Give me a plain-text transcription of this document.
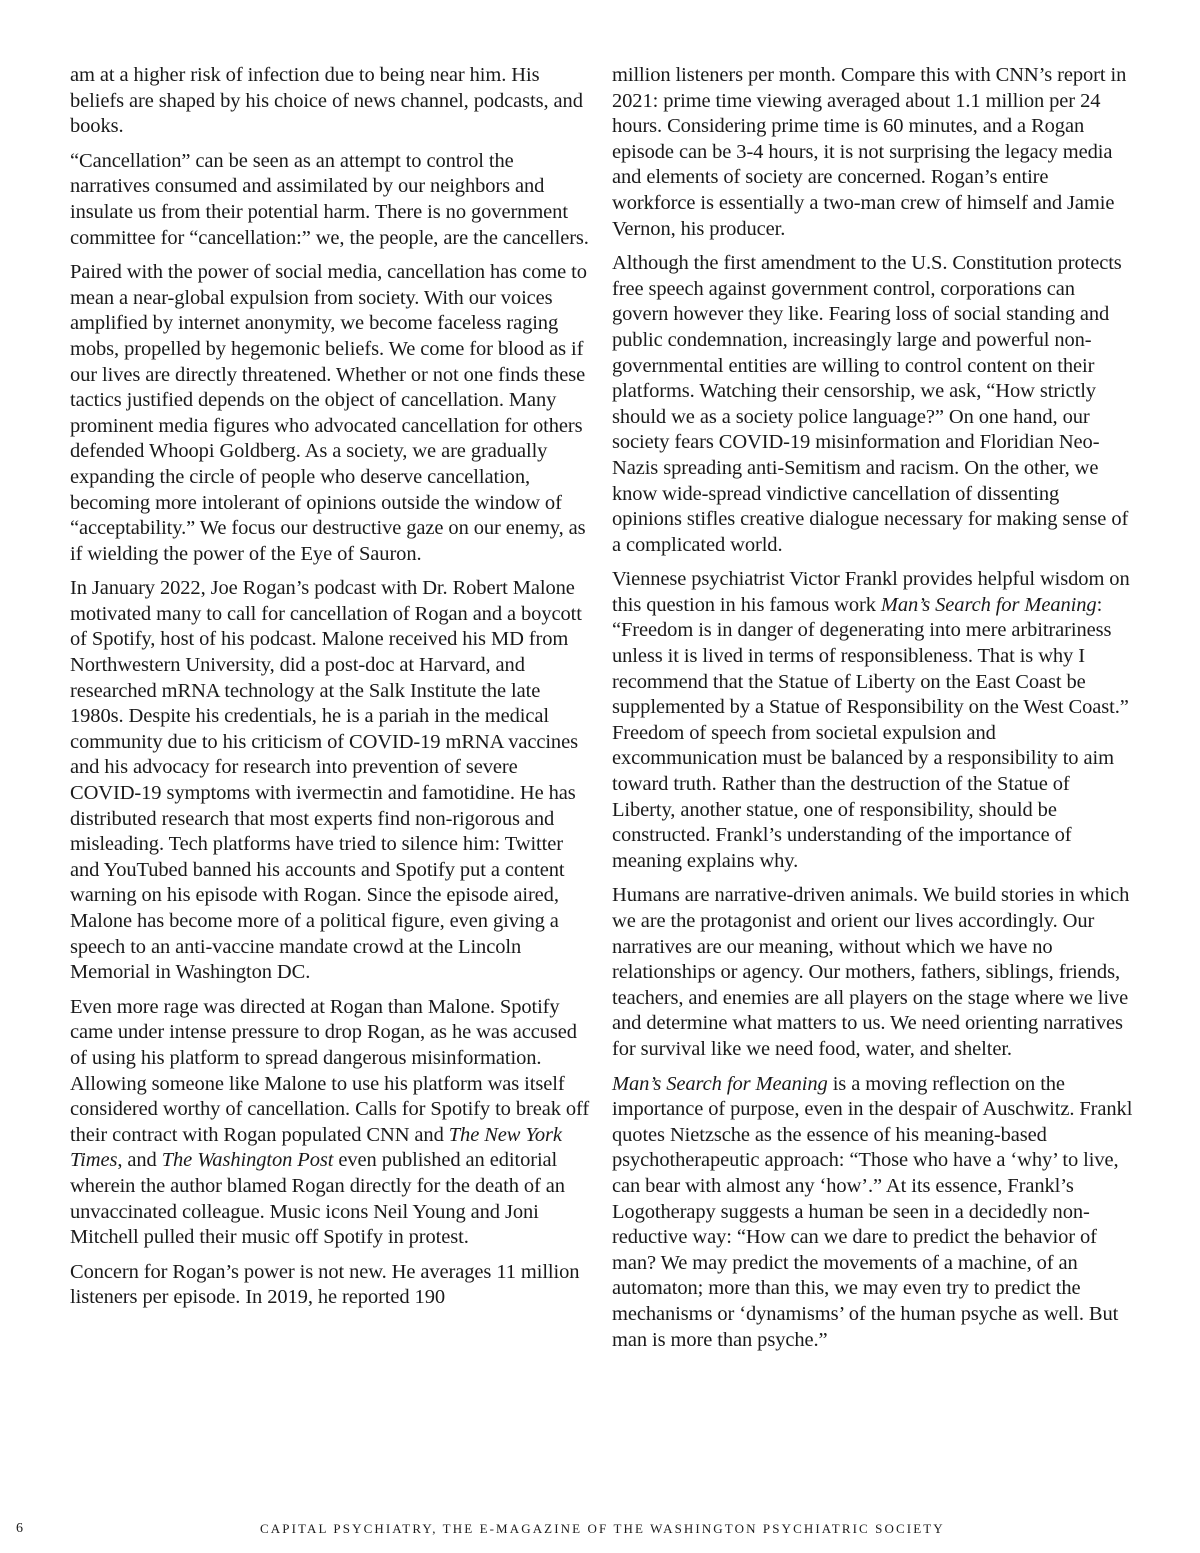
am at a higher risk of infection due to being near him. His beliefs are shaped by his choice of news channel, podcasts, and books.

“Cancellation” can be seen as an attempt to control the narratives consumed and assimilated by our neighbors and insulate us from their potential harm. There is no government committee for “cancellation:” we, the people, are the cancellers.

Paired with the power of social media, cancellation has come to mean a near-global expulsion from society. With our voices amplified by internet anonymity, we become faceless raging mobs, propelled by hegemonic beliefs. We come for blood as if our lives are directly threatened. Whether or not one finds these tactics justified depends on the object of cancellation. Many prominent media figures who advocated cancellation for others defended Whoopi Goldberg. As a society, we are gradually expanding the circle of people who deserve cancellation, becoming more intolerant of opinions outside the window of “acceptability.” We focus our destructive gaze on our enemy, as if wielding the power of the Eye of Sauron.

In January 2022, Joe Rogan’s podcast with Dr. Robert Malone motivated many to call for cancellation of Rogan and a boycott of Spotify, host of his podcast. Malone received his MD from Northwestern University, did a post-doc at Harvard, and researched mRNA technology at the Salk Institute the late 1980s. Despite his credentials, he is a pariah in the medical community due to his criticism of COVID-19 mRNA vaccines and his advocacy for research into prevention of severe COVID-19 symptoms with ivermectin and famotidine. He has distributed research that most experts find non-rigorous and misleading. Tech platforms have tried to silence him: Twitter and YouTubed banned his accounts and Spotify put a content warning on his episode with Rogan. Since the episode aired, Malone has become more of a political figure, even giving a speech to an anti-vaccine mandate crowd at the Lincoln Memorial in Washington DC.

Even more rage was directed at Rogan than Malone. Spotify came under intense pressure to drop Rogan, as he was accused of using his platform to spread dangerous misinformation. Allowing someone like Malone to use his platform was itself considered worthy of cancellation. Calls for Spotify to break off their contract with Rogan populated CNN and The New York Times, and The Washington Post even published an editorial wherein the author blamed Rogan directly for the death of an unvaccinated colleague. Music icons Neil Young and Joni Mitchell pulled their music off Spotify in protest.

Concern for Rogan’s power is not new. He averages 11 million listeners per episode. In 2019, he reported 190

million listeners per month. Compare this with CNN’s report in 2021: prime time viewing averaged about 1.1 million per 24 hours. Considering prime time is 60 minutes, and a Rogan episode can be 3-4 hours, it is not surprising the legacy media and elements of society are concerned. Rogan’s entire workforce is essentially a two-man crew of himself and Jamie Vernon, his producer.

Although the first amendment to the U.S. Constitution protects free speech against government control, corporations can govern however they like. Fearing loss of social standing and public condemnation, increasingly large and powerful non-governmental entities are willing to control content on their platforms. Watching their censorship, we ask, “How strictly should we as a society police language?” On one hand, our society fears COVID-19 misinformation and Floridian Neo-Nazis spreading anti-Semitism and racism. On the other, we know wide-spread vindictive cancellation of dissenting opinions stifles creative dialogue necessary for making sense of a complicated world.

Viennese psychiatrist Victor Frankl provides helpful wisdom on this question in his famous work Man’s Search for Meaning: “Freedom is in danger of degenerating into mere arbitrariness unless it is lived in terms of responsibleness. That is why I recommend that the Statue of Liberty on the East Coast be supplemented by a Statue of Responsibility on the West Coast.” Freedom of speech from societal expulsion and excommunication must be balanced by a responsibility to aim toward truth. Rather than the destruction of the Statue of Liberty, another statue, one of responsibility, should be constructed. Frankl’s understanding of the importance of meaning explains why.

Humans are narrative-driven animals. We build stories in which we are the protagonist and orient our lives accordingly. Our narratives are our meaning, without which we have no relationships or agency. Our mothers, fathers, siblings, friends, teachers, and enemies are all players on the stage where we live and determine what matters to us. We need orienting narratives for survival like we need food, water, and shelter.

Man’s Search for Meaning is a moving reflection on the importance of purpose, even in the despair of Auschwitz. Frankl quotes Nietzsche as the essence of his meaning-based psychotherapeutic approach: “Those who have a ‘why’ to live, can bear with almost any ‘how’.” At its essence, Frankl’s Logotherapy suggests a human be seen in a decidedly non-reductive way: “How can we dare to predict the behavior of man? We may predict the movements of a machine, of an automaton; more than this, we may even try to predict the mechanisms or ‘dynamisms’ of the human psyche as well. But man is more than psyche.”

6	CAPITAL PSYCHIATRY, THE E-MAGAZINE OF THE WASHINGTON PSYCHIATRIC SOCIETY
